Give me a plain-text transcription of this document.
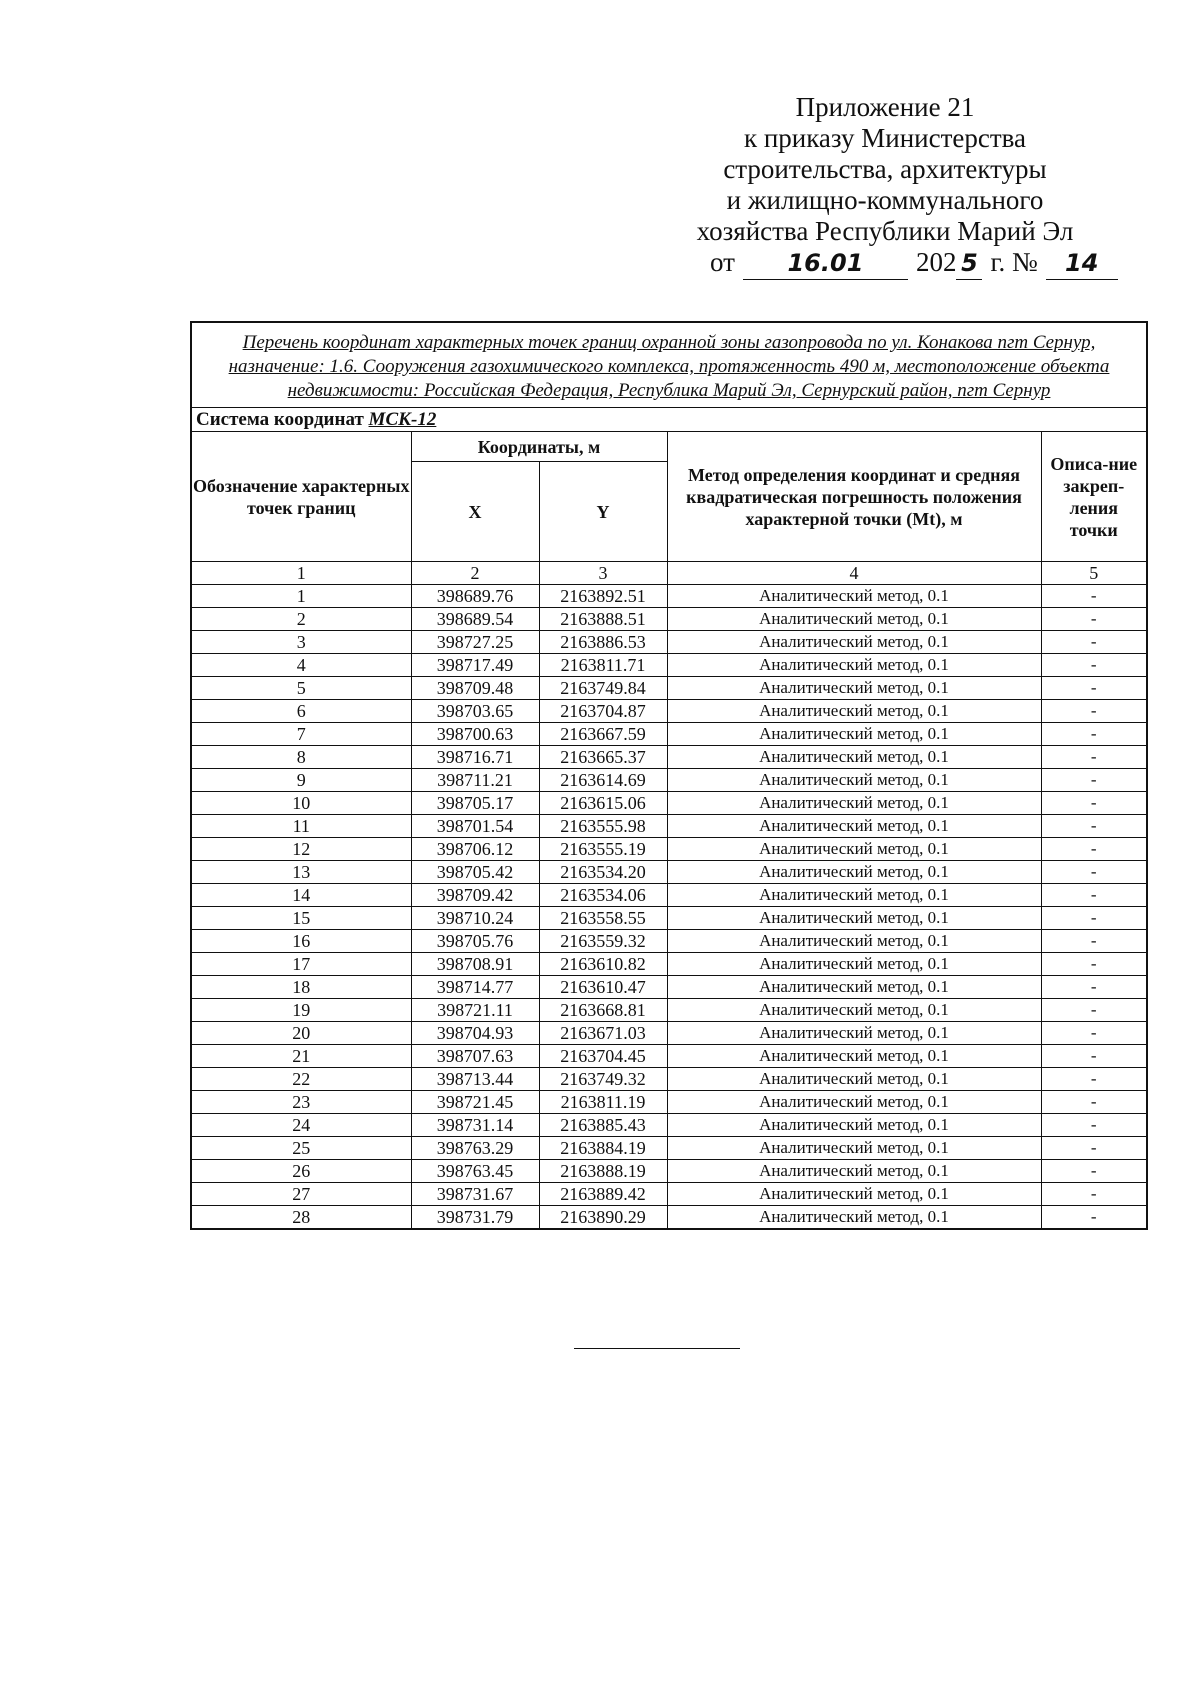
Приложение 21
к приказу Министерства
строительства, архитектуры
и жилищно-коммунального
хозяйства Республики Марий Эл
от	16.01	202 5 г. №	14
Перечень координат характерных точек границ охранной зоны газопровода по ул. Конакова пгт Сернур, назначение: 1.6. Сооружения газохимического комплекса, протяженность 490 м, местоположение объекта недвижимости: Российская Федерация, Республика Марий Эл, Сернурский район, пгт Сернур				
Система координат МСК-12				
Обозначение характерных точек границ	Координаты, м		Метод определения координат и средняя квадратическая погрешность положения характерной точки (Mt), м	Описа-ние закреп-ления точки
	X	Y		
1	2	3	4	5
1	398689.76	2163892.51	Аналитический метод, 0.1	-
2	398689.54	2163888.51	Аналитический метод, 0.1	-
3	398727.25	2163886.53	Аналитический метод, 0.1	-
4	398717.49	2163811.71	Аналитический метод, 0.1	-
5	398709.48	2163749.84	Аналитический метод, 0.1	-
6	398703.65	2163704.87	Аналитический метод, 0.1	-
7	398700.63	2163667.59	Аналитический метод, 0.1	-
8	398716.71	2163665.37	Аналитический метод, 0.1	-
9	398711.21	2163614.69	Аналитический метод, 0.1	-
10	398705.17	2163615.06	Аналитический метод, 0.1	-
11	398701.54	2163555.98	Аналитический метод, 0.1	-
12	398706.12	2163555.19	Аналитический метод, 0.1	-
13	398705.42	2163534.20	Аналитический метод, 0.1	-
14	398709.42	2163534.06	Аналитический метод, 0.1	-
15	398710.24	2163558.55	Аналитический метод, 0.1	-
16	398705.76	2163559.32	Аналитический метод, 0.1	-
17	398708.91	2163610.82	Аналитический метод, 0.1	-
18	398714.77	2163610.47	Аналитический метод, 0.1	-
19	398721.11	2163668.81	Аналитический метод, 0.1	-
20	398704.93	2163671.03	Аналитический метод, 0.1	-
21	398707.63	2163704.45	Аналитический метод, 0.1	-
22	398713.44	2163749.32	Аналитический метод, 0.1	-
23	398721.45	2163811.19	Аналитический метод, 0.1	-
24	398731.14	2163885.43	Аналитический метод, 0.1	-
25	398763.29	2163884.19	Аналитический метод, 0.1	-
26	398763.45	2163888.19	Аналитический метод, 0.1	-
27	398731.67	2163889.42	Аналитический метод, 0.1	-
28	398731.79	2163890.29	Аналитический метод, 0.1	-
